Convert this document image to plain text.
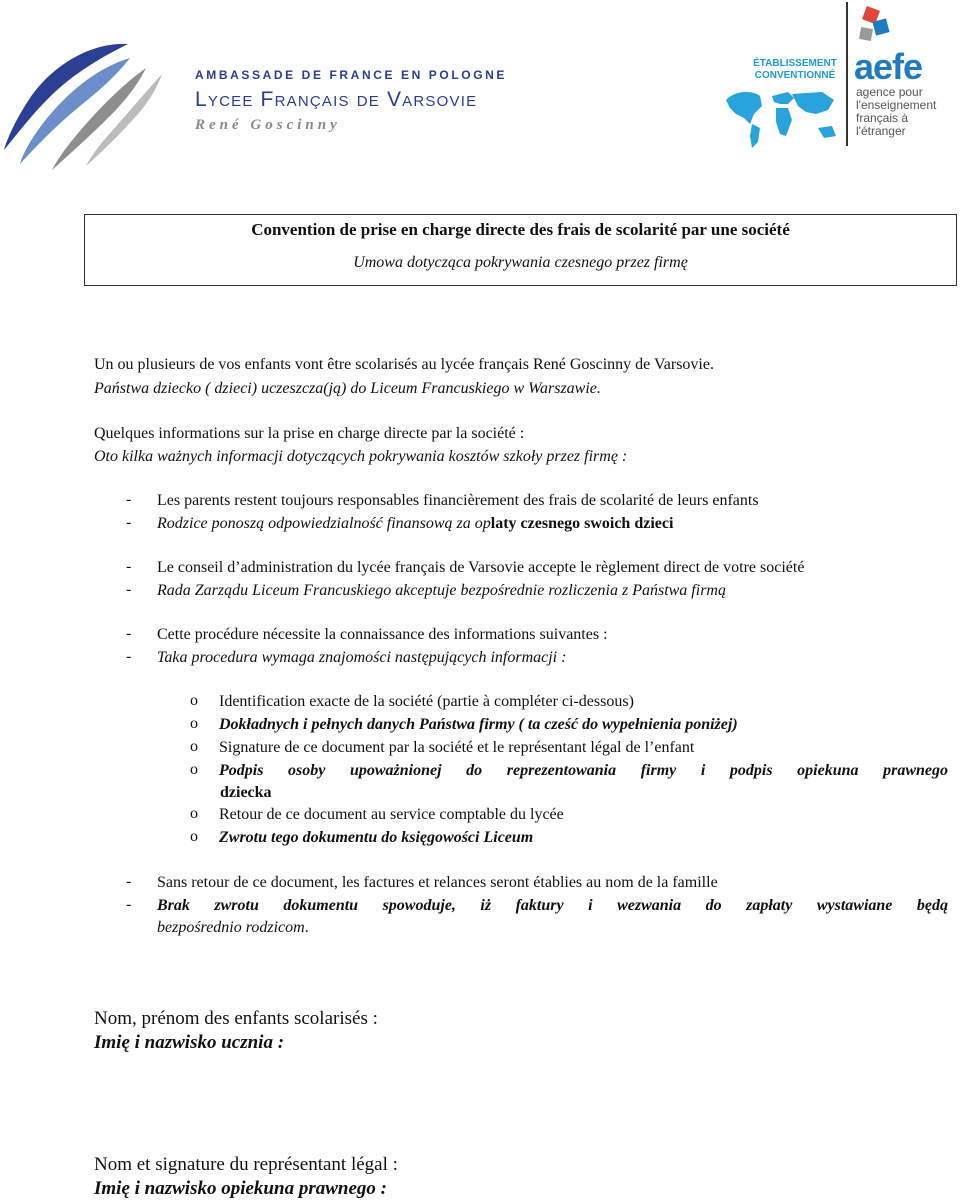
AMBASSADE DE FRANCE EN POLOGNE
Lycee Français de Varsovie
René Goscinny
ÉTABLISSEMENT CONVENTIONNÉ aefe
agence pour l'enseignement français à l'étranger
Convention de prise en charge directe des frais de scolarité par une société
Umowa dotycząca pokrywania czesnego przez firmę
Un ou plusieurs de vos enfants vont être scolarisés au lycée français René Goscinny de Varsovie.
Państwa dziecko ( dzieci) uczeszcza(ją) do Liceum Francuskiego w Warszawie.
Quelques informations sur la prise en charge directe par la société :
Oto kilka ważnych informacji dotyczących pokrywania kosztów szkoły przez firmę :
- Les parents restent toujours responsables financièrement des frais de scolarité de leurs enfants
- Rodzice ponoszą odpowiedzialność finansową za oplaty czesnego swoich dzieci
- Le conseil d’administration du lycée français de Varsovie accepte le règlement direct de votre société
- Rada Zarządu Liceum Francuskiego akceptuje bezpośrednie rozliczenia z Państwa firmą
- Cette procédure nécessite la connaissance des informations suivantes :
- Taka procedura wymaga znajomości następujących informacji :
o Identification exacte de la société (partie à compléter ci-dessous)
o Dokładnych i pełnych danych Państwa firmy ( ta cześć do wypełnienia poniżej)
o Signature de ce document par la société et le représentant légal de l’enfant
o Podpis osoby upoważnionej do reprezentowania firmy i podpis opiekuna prawnego
dziecka
o Retour de ce document au service comptable du lycée
o Zwrotu tego dokumentu do księgowości Liceum
- Sans retour de ce document, les factures et relances seront établies au nom de la famille
- Brak zwrotu dokumentu spowoduje, iż faktury i wezwania do zapłaty wystawiane będą
bezpośrednio rodzicom.
Nom, prénom des enfants scolarisés :
Imię i nazwisko ucznia :
Nom et signature du représentant légal :
Imię i nazwisko opiekuna prawnego :
